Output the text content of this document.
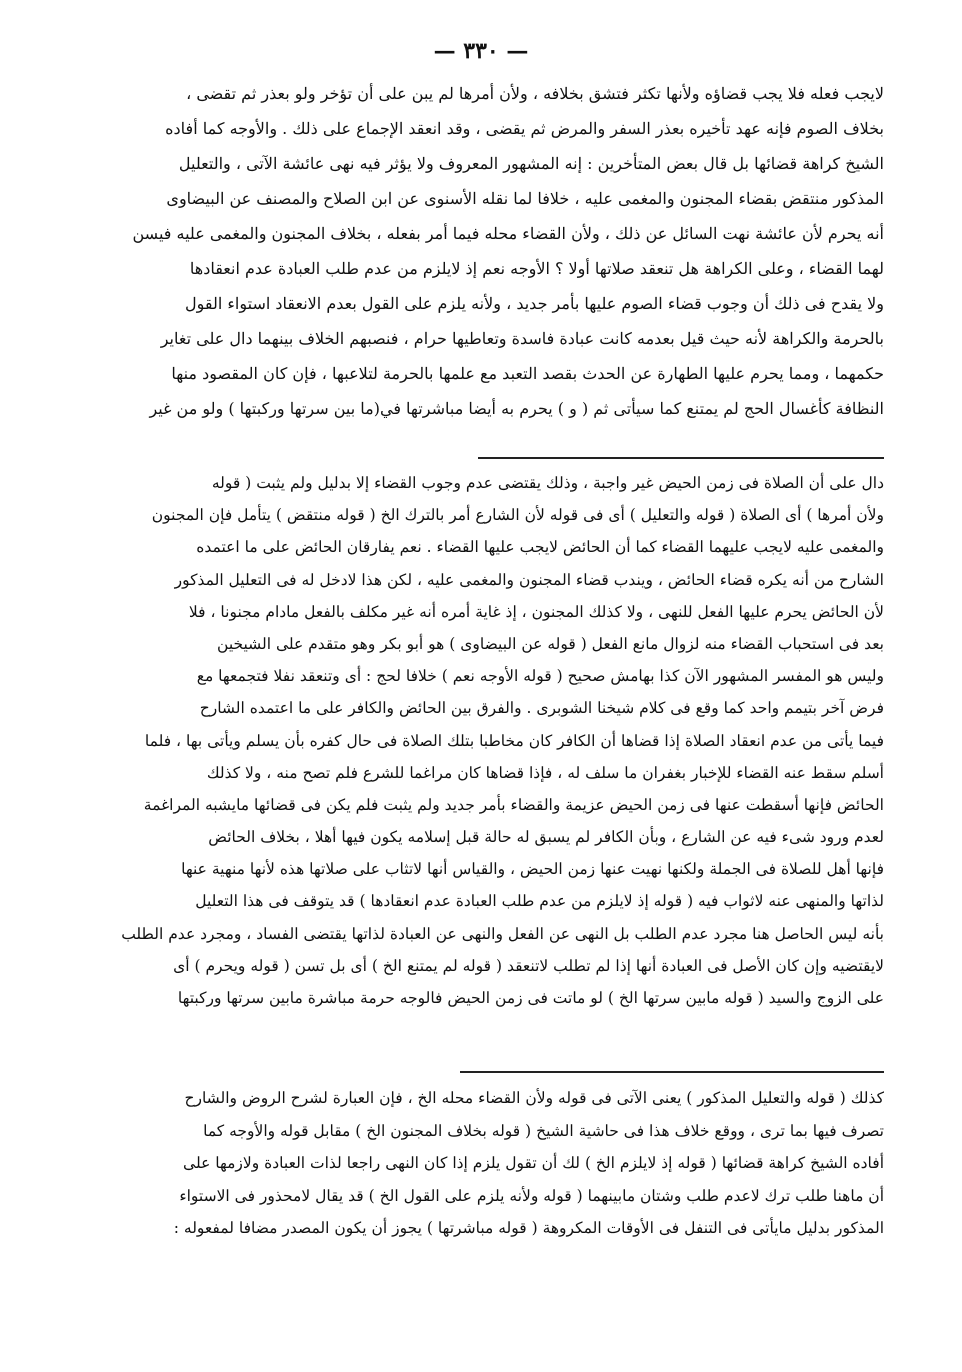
— ٣٣٠ —

لايجب فعله فلا يجب قضاؤه ولأنها تكثر فتشق بخلافه ، ولأن أمرها لم يبن على أن تؤخر ولو بعذر ثم تقضى ،

بخلاف الصوم فإنه عهد تأخيره بعذر السفر والمرض ثم يقضى ، وقد انعقد الإجماع على ذلك . والأوجه كما أفاده

الشيخ كراهة قضائها بل قال بعض المتأخرين : إنه المشهور المعروف ولا يؤثر فيه نهى عائشة الآتى ، والتعليل

المذكور منتقض بقضاء المجنون والمغمى عليه ، خلافا لما نقله الأسنوى عن ابن الصلاح والمصنف عن البيضاوى

أنه يحرم لأن عائشة نهت السائل عن ذلك ، ولأن القضاء محله فيما أمر بفعله ، بخلاف المجنون والمغمى عليه فيسن

لهما القضاء ، وعلى الكراهة هل تنعقد صلاتها أولا ؟ الأوجه نعم إذ لايلزم من عدم طلب العبادة عدم انعقادها

ولا يقدح فى ذلك أن وجوب قضاء الصوم عليها بأمر جديد ، ولأنه يلزم على القول بعدم الانعقاد استواء القول

بالحرمة والكراهة لأنه حيث قيل بعدمه كانت عبادة فاسدة وتعاطيها حرام ، فنصبهم الخلاف بينهما دال على تغاير

حكمهما ، ومما يحرم عليها الطهارة عن الحدث بقصد التعبد مع علمها بالحرمة لتلاعبها ، فإن كان المقصود منها

النظافة كأغسال الحج لم يمتنع كما سيأتى ثم ( و ) يحرم به أيضا مباشرتها في(ما بين سرتها وركبتها ) ولو من غير

دال على أن الصلاة فى زمن الحيض غير واجبة ، وذلك يقتضى عدم وجوب القضاء إلا بدليل ولم يثبت ( قوله

ولأن أمرها ) أى الصلاة ( قوله والتعليل ) أى فى قوله لأن الشارع أمر بالترك الخ ( قوله منتقض ) يتأمل فإن المجنون

والمغمى عليه لايجب عليهما القضاء كما أن الحائض لايجب عليها القضاء . نعم يفارقان الحائض على ما اعتمده

الشارح من أنه يكره قضاء الحائض ، ويندب قضاء المجنون والمغمى عليه ، لكن هذا لادخل له فى التعليل المذكور

لأن الحائض يحرم عليها الفعل للنهى ، ولا كذلك المجنون ، إذ غاية أمره أنه غير مكلف بالفعل مادام مجنونا ، فلا

بعد فى استحباب القضاء منه لزوال مانع الفعل ( قوله عن البيضاوى ) هو أبو بكر وهو متقدم على الشيخين

وليس هو المفسر المشهور الآن كذا بهامش صحيح ( قوله الأوجه نعم ) خلافا لحج : أى وتنعقد نفلا فتجمعها مع

فرض آخر بتيمم واحد كما وقع فى كلام شيخنا الشوبرى . والفرق بين الحائض والكافر على ما اعتمده الشارح

فيما يأتى من عدم انعقاد الصلاة إذا قضاها أن الكافر كان مخاطبا بتلك الصلاة فى حال كفره بأن يسلم ويأتى بها ، فلما

أسلم سقط عنه القضاء للإخبار بغفران ما سلف له ، فإذا قضاها كان مراغما للشرع فلم تصح منه ، ولا كذلك

الحائض فإنها أسقطت عنها فى زمن الحيض عزيمة والقضاء بأمر جديد ولم يثبت فلم يكن فى قضائها مايشبه المراغمة

لعدم ورود شىء فيه عن الشارع ، وبأن الكافر لم يسبق له حالة قبل إسلامه يكون فيها أهلا ، بخلاف الحائض

فإنها أهل للصلاة فى الجملة ولكنها نهيت عنها زمن الحيض ، والقياس أنها لاتثاب على صلاتها هذه لأنها منهية عنها

لذاتها والمنهى عنه لاثواب فيه ( قوله إذ لايلزم من عدم طلب العبادة عدم انعقادها ) قد يتوقف فى هذا التعليل

بأنه ليس الحاصل هنا مجرد عدم الطلب بل النهى عن الفعل والنهى عن العبادة لذاتها يقتضى الفساد ، ومجرد عدم الطلب

لايقتضيه وإن كان الأصل فى العبادة أنها إذا لم تطلب لاتنعقد ( قوله لم يمتنع الخ ) أى بل تسن ( قوله ويحرم ) أى

على الزوج والسيد ( قوله مابين سرتها الخ ) لو ماتت فى زمن الحيض فالوجه حرمة مباشرة مابين سرتها وركبتها

كذلك ( قوله والتعليل المذكور ) يعنى الآتى فى قوله ولأن القضاء محله الخ ، فإن العبارة لشرح الروض والشارح

تصرف فيها بما ترى ، ووقع خلاف هذا فى حاشية الشيخ ( قوله بخلاف المجنون الخ ) مقابل قوله والأوجه كما

أفاده الشيخ كراهة قضائها ( قوله إذ لايلزم الخ ) لك أن تقول يلزم إذا كان النهى راجعا لذات العبادة ولازمها على

أن ماهنا طلب ترك لاعدم طلب وشتان مابينهما ( قوله ولأنه يلزم على القول الخ ) قد يقال لامحذور فى الاستواء

المذكور بدليل مايأتى فى التنفل فى الأوقات المكروهة ( قوله مباشرتها ) يجوز أن يكون المصدر مضافا لمفعوله :
